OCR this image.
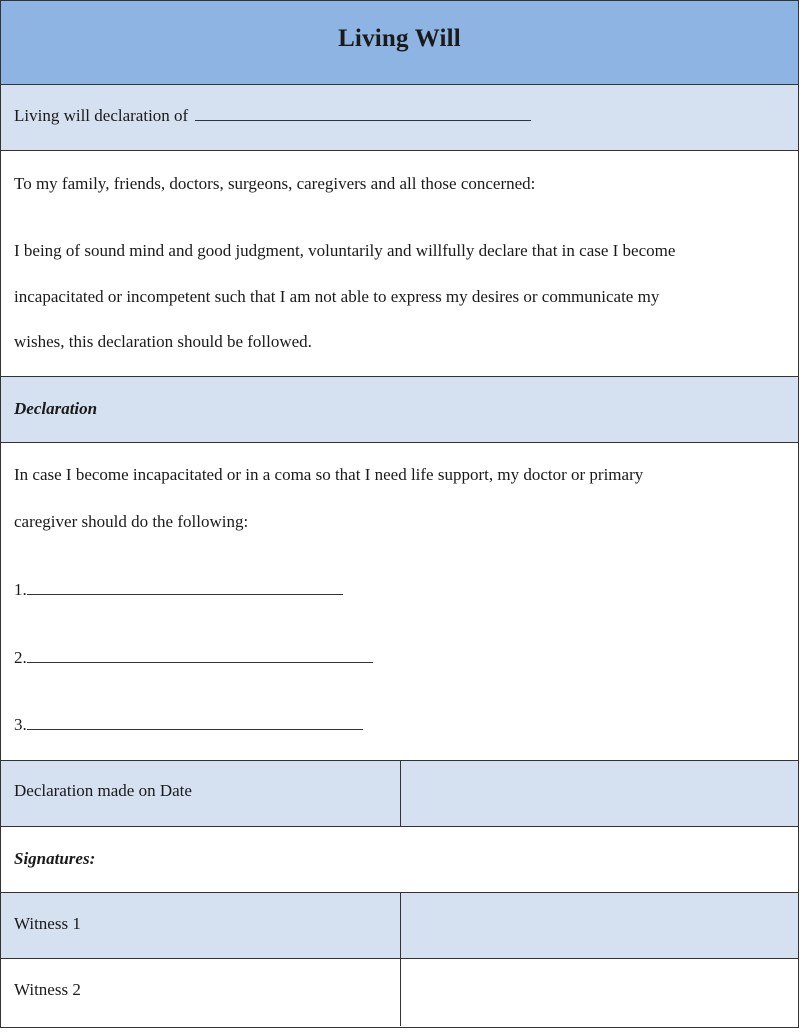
Living Will
Living will declaration of

To my family, friends, doctors, surgeons, caregivers and all those concerned:

I being of sound mind and good judgment, voluntarily and willfully declare that in case I become

incapacitated or incompetent such that I am not able to express my desires or communicate my

wishes, this declaration should be followed.

Declaration

In case I become incapacitated or in a coma so that I need life support, my doctor or primary

caregiver should do the following:

1.

2.

3.

Declaration made on Date
Signatures:
Witness 1
Witness 2
